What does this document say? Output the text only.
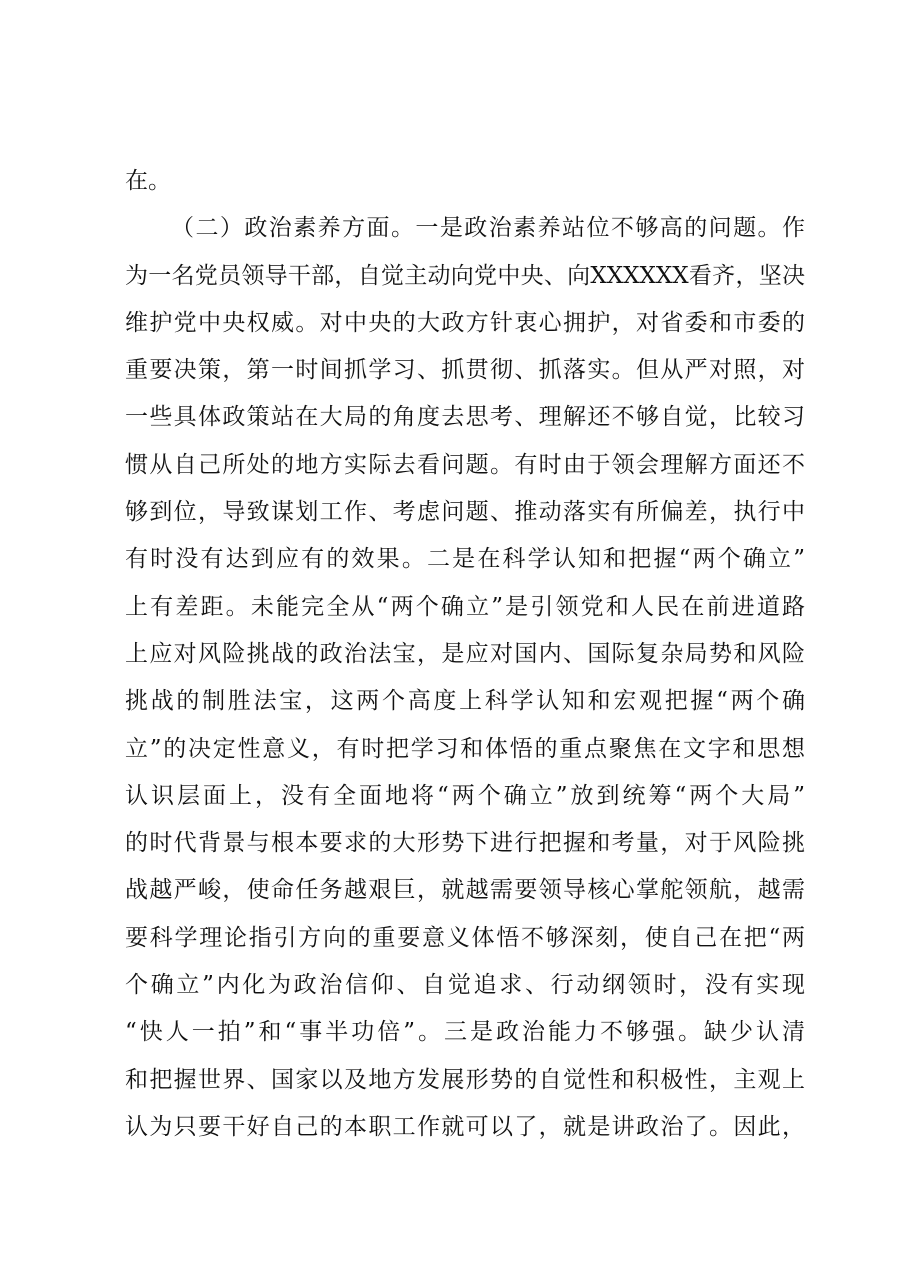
在。
（二）政治素养方面。一是政治素养站位不够高的问题。作
为一名党员领导干部，自觉主动向党中央、向XXXXXX看齐，坚决
维护党中央权威。对中央的大政方针衷心拥护，对省委和市委的
重要决策，第一时间抓学习、抓贯彻、抓落实。但从严对照，对
一些具体政策站在大局的角度去思考、理解还不够自觉，比较习
惯从自己所处的地方实际去看问题。有时由于领会理解方面还不
够到位，导致谋划工作、考虑问题、推动落实有所偏差，执行中
有时没有达到应有的效果。二是在科学认知和把握“两个确立”
上有差距。未能完全从“两个确立”是引领党和人民在前进道路
上应对风险挑战的政治法宝，是应对国内、国际复杂局势和风险
挑战的制胜法宝，这两个高度上科学认知和宏观把握“两个确
立”的决定性意义，有时把学习和体悟的重点聚焦在文字和思想
认识层面上，没有全面地将“两个确立”放到统筹“两个大局”
的时代背景与根本要求的大形势下进行把握和考量，对于风险挑
战越严峻，使命任务越艰巨，就越需要领导核心掌舵领航，越需
要科学理论指引方向的重要意义体悟不够深刻，使自己在把“两
个确立”内化为政治信仰、自觉追求、行动纲领时，没有实现
“快人一拍”和“事半功倍”。三是政治能力不够强。缺少认清
和把握世界、国家以及地方发展形势的自觉性和积极性，主观上
认为只要干好自己的本职工作就可以了，就是讲政治了。因此，
